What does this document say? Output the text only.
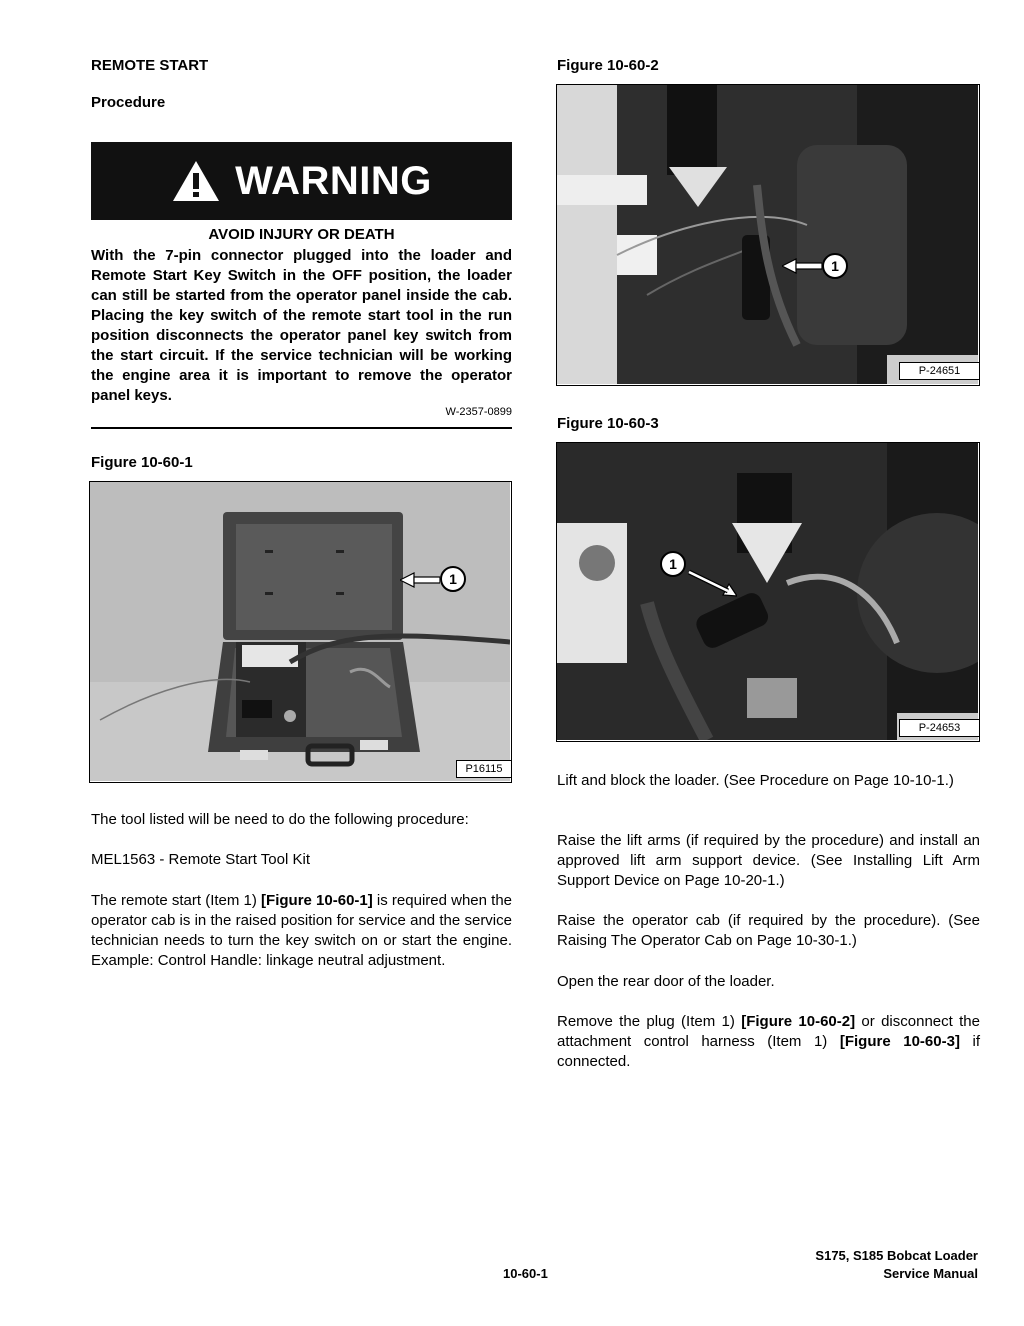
REMOTE START
Procedure
WARNING
AVOID INJURY OR DEATH
With the 7-pin connector plugged into the loader and Remote Start Key Switch in the OFF position, the loader can still be started from the operator panel inside the cab. Placing the key switch of the remote start tool in the run position disconnects the operator panel key switch from the start circuit. If the service technician will be working the engine area it is important to remove the operator panel keys.
W-2357-0899
Figure 10-60-1
1
P16115
The tool listed will be need to do the following procedure:
MEL1563 - Remote Start Tool Kit
The remote start (Item 1) [Figure 10-60-1] is required when the operator cab is in the raised position for service and the service technician needs to turn the key switch on or start the engine. Example: Control Handle: linkage neutral adjustment.
Figure 10-60-2
1
P-24651
Figure 10-60-3
1
P-24653
Lift and block the loader. (See Procedure on Page 10-10-1.)
Raise the lift arms (if required by the procedure) and install an approved lift arm support device. (See Installing Lift Arm Support Device on Page 10-20-1.)
Raise the operator cab (if required by the procedure). (See Raising The Operator Cab on Page 10-30-1.)
Open the rear door of the loader.
Remove the plug (Item 1) [Figure 10-60-2] or disconnect the attachment control harness (Item 1) [Figure 10-60-3] if connected.
10-60-1
S175, S185 Bobcat Loader
Service Manual
